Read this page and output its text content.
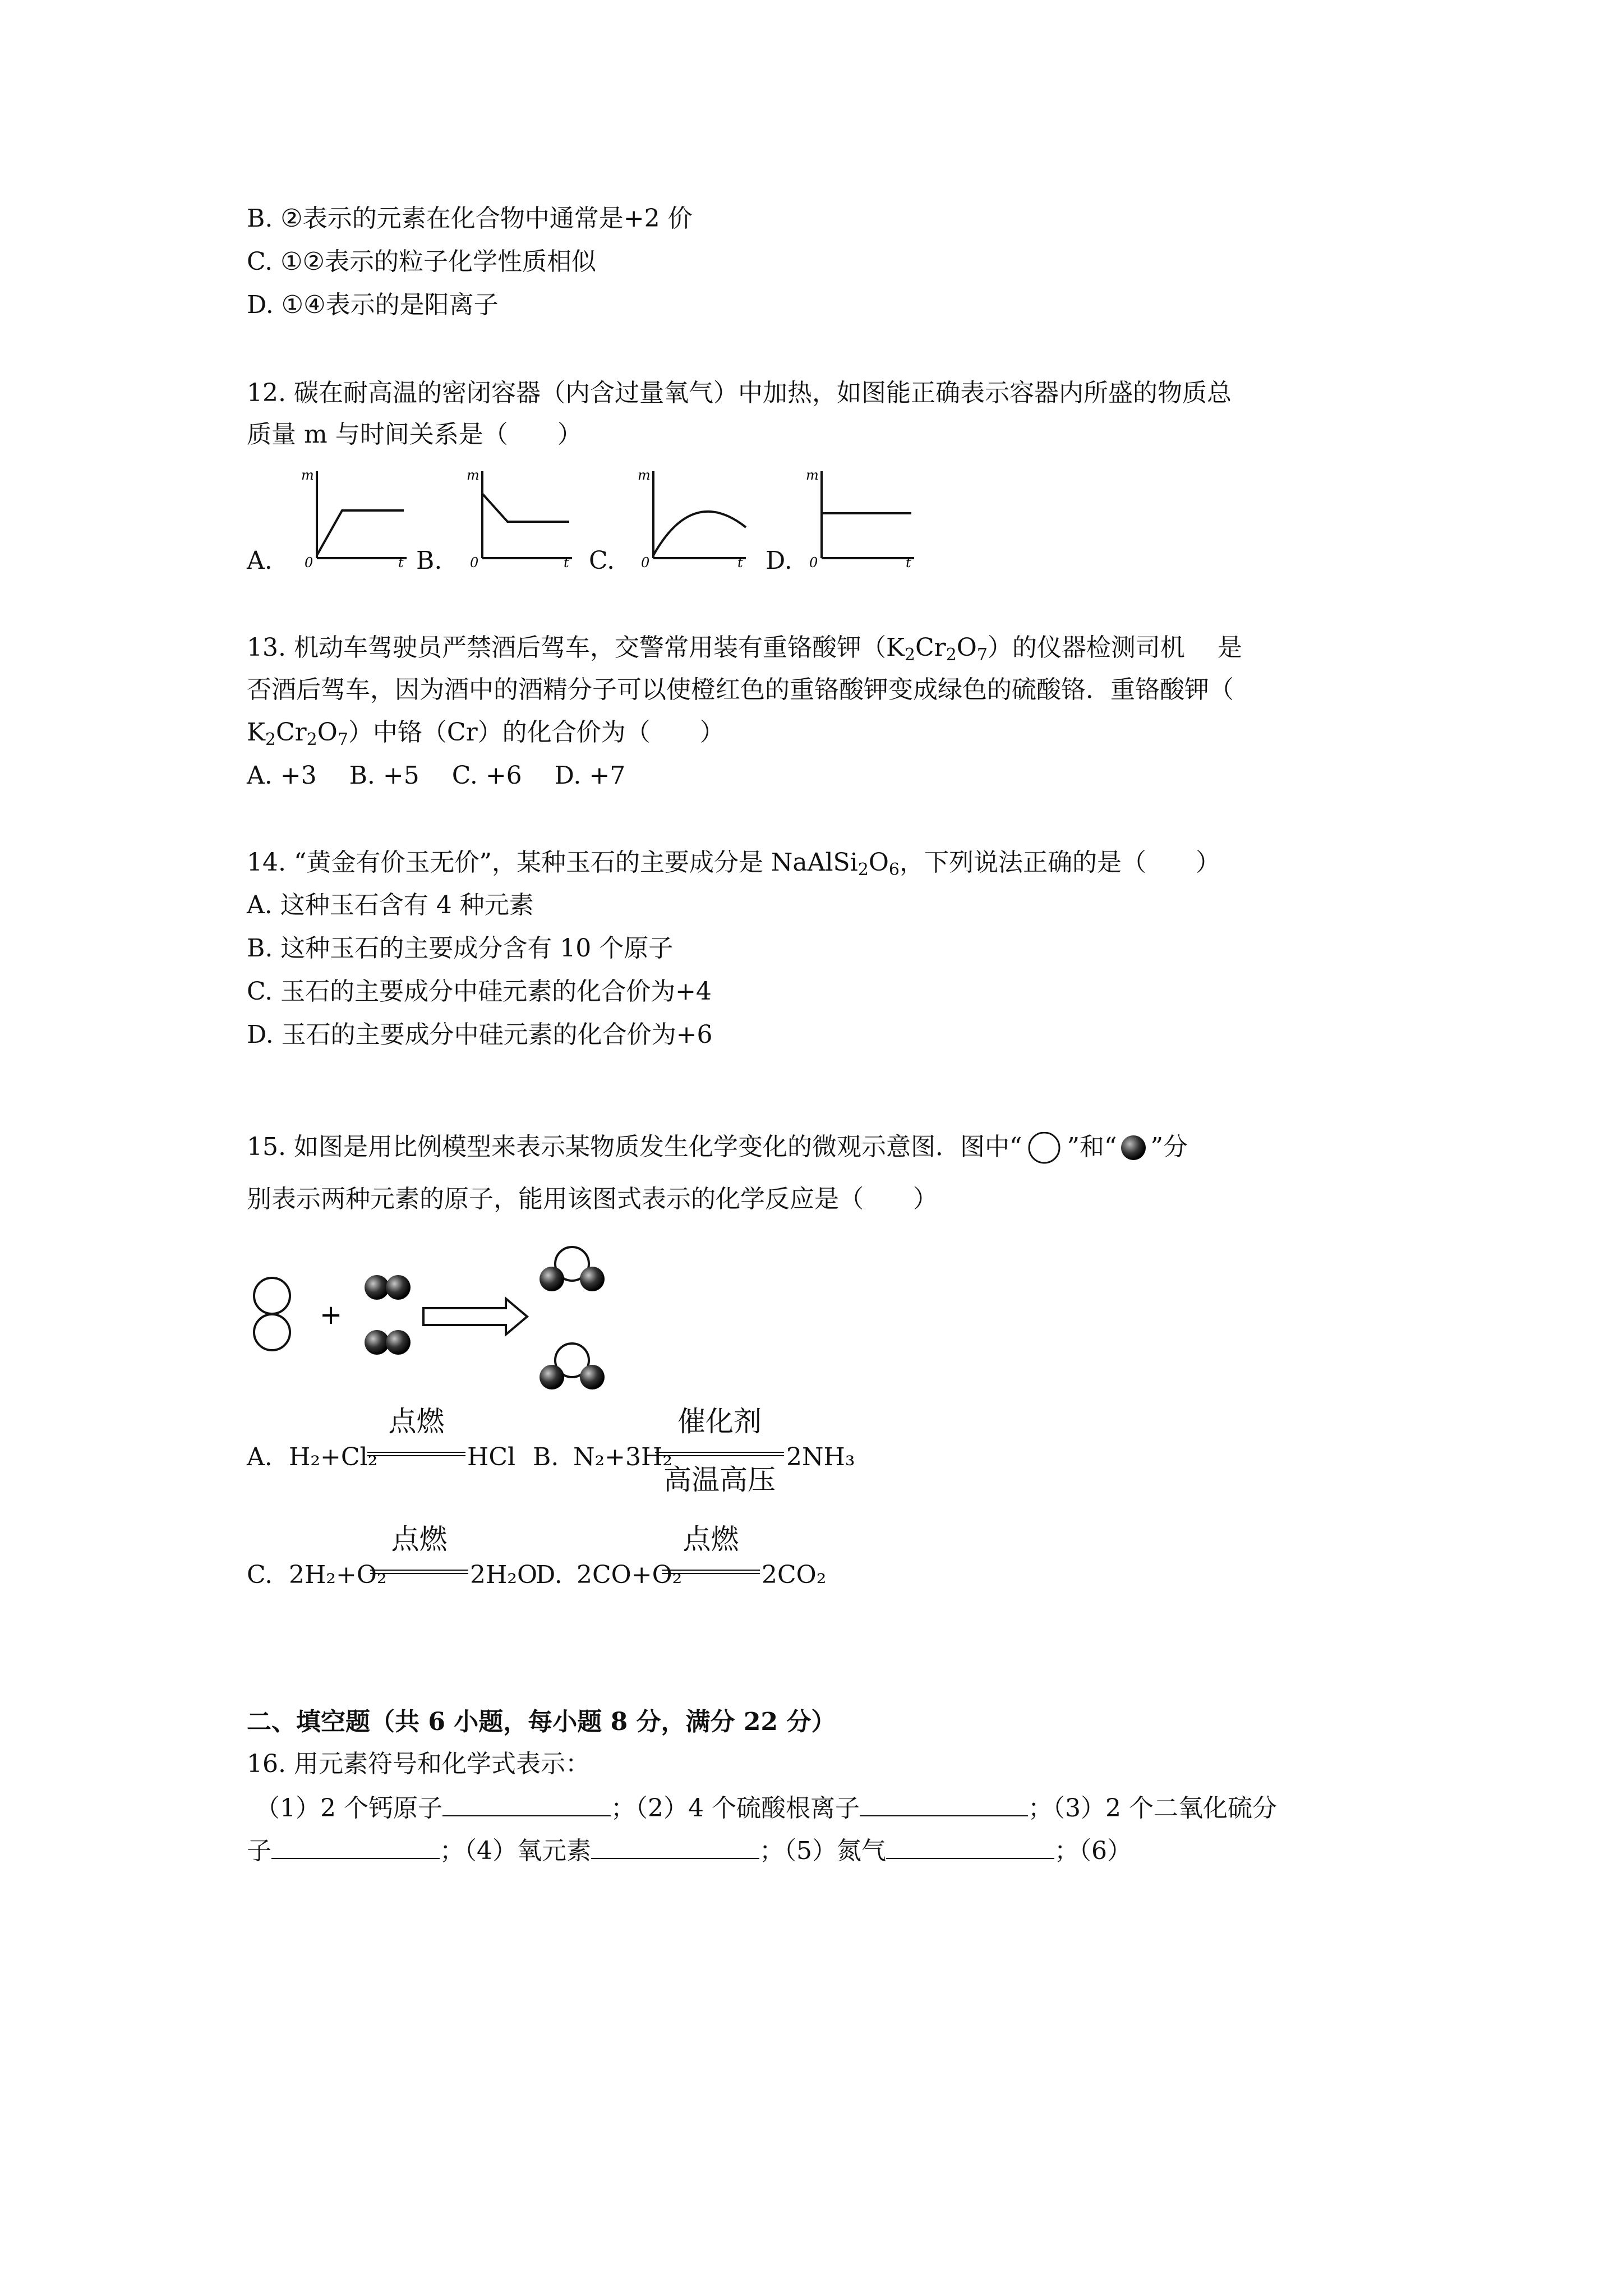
B. ②表示的元素在化合物中通常是+2 价
C. ①②表示的粒子化学性质相似
D. ①④表示的是阳离子
12. 碳在耐高温的密闭容器（内含过量氧气）中加热，如图能正确表示容器内所盛的物质总
质量 m 与时间关系是（　　）
A.
m
0	t B.
m
0	t C.
m
0	t D.
m
0	t
13. 机动车驾驶员严禁酒后驾车，交警常用装有重铬酸钾$(K_2Cr_2O_7)$的仪器检测司机　 是
否酒后驾车，因为酒中的酒精分子可以使橙红色的重铬酸钾变成绿色的硫酸铬．重铬酸钾（
$K_2Cr_2O_7$）中铬（Cr）的化合价为（　　）
A. +3　 B. +5　 C. +6　 D. +7
14. “黄金有价玉无价”，某种玉石的主要成分是 $NaAlSi_2O_6$，下列说法正确的是（　　）
A. 这种玉石含有 4 种元素
B. 这种玉石的主要成分含有 10 个原子
C. 玉石的主要成分中硅元素的化合价为+4
D. 玉石的主要成分中硅元素的化合价为+6
15. 如图是用比例模型来表示某物质发生化学变化的微观示意图．图中“ ”和“ ”分
别表示两种元素的原子，能用该图式表示的化学反应是（　　）
+
A. H₂+Cl₂
点燃
HCl B. N₂+3H₂
催化剂
高温高压
2NH₃
C. 2H₂+O₂
点燃
2H₂O
D. 2CO+O₂
点燃
2CO₂
二、填空题（共 6 小题，每小题 8 分，满分 22 分）
16. 用元素符号和化学式表示：
（1）2 个钙原子	；（2）4 个硫酸根离子	；（3）2 个二氧化硫分
子	；（4）氧元素	；（5）氮气	；（6）
